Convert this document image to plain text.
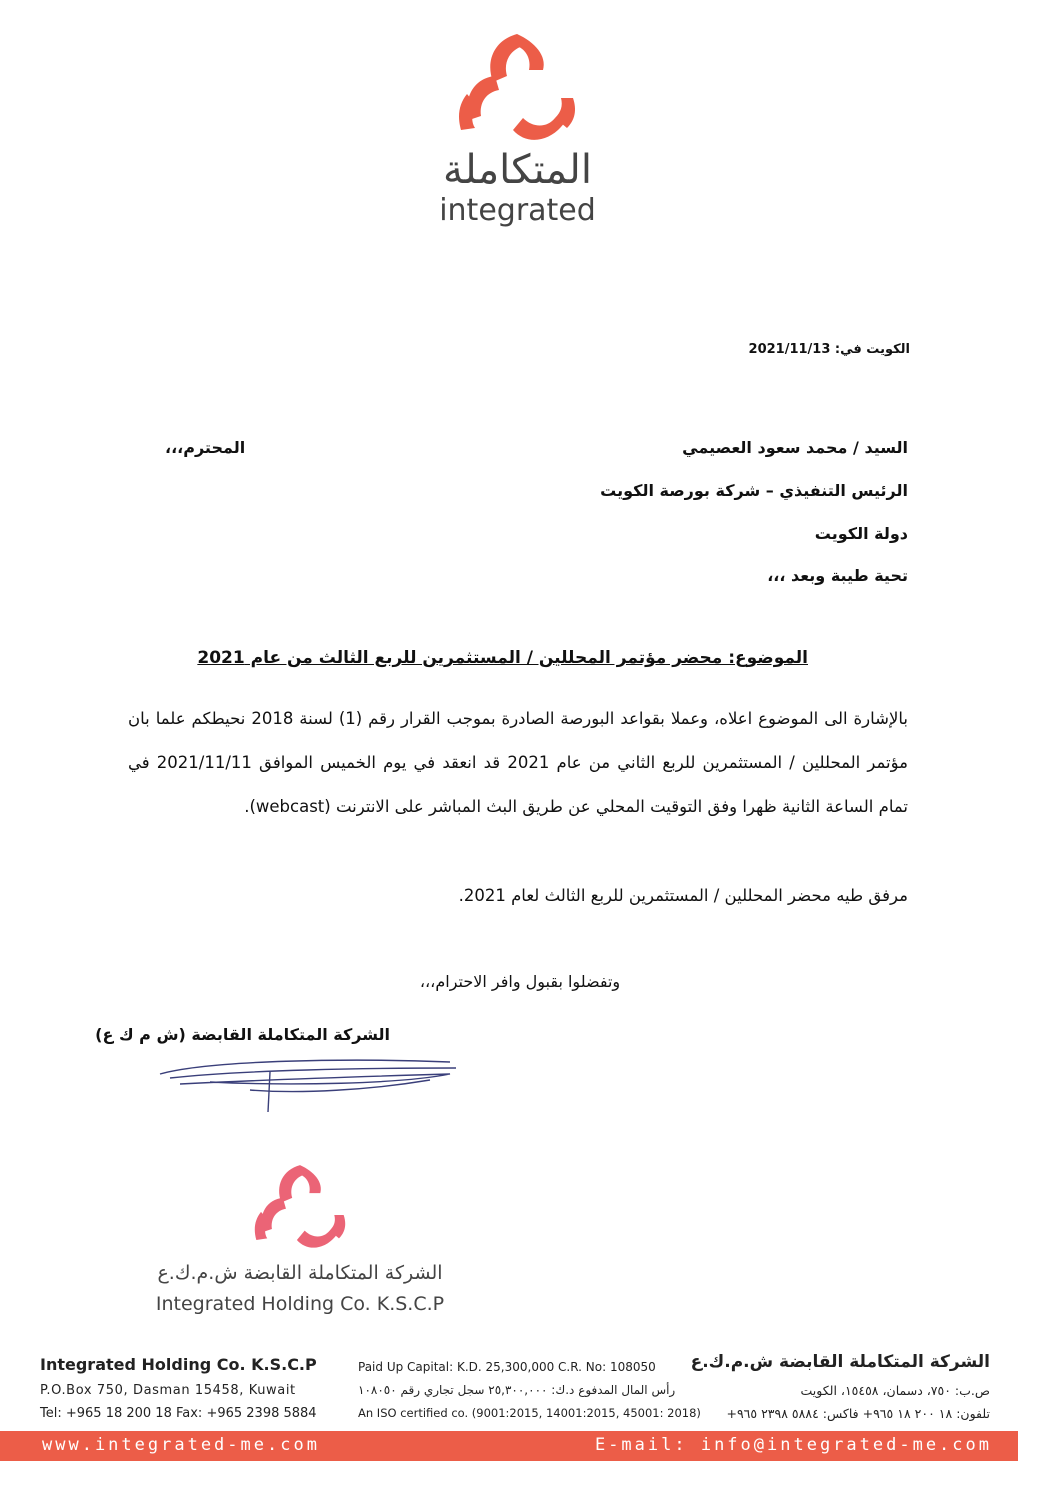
المتكاملة
integrated
الكويت في: 2021/11/13
السيد / محمد سعود العصيمي
المحترم،،،
الرئيس التنفيذي – شركة بورصة الكويت
دولة الكويت
تحية طيبة وبعد ،،،
الموضوع: محضر مؤتمر المحللين / المستثمرين للربع الثالث من عام 2021
بالإشارة الى الموضوع اعلاه، وعملا بقواعد البورصة الصادرة بموجب القرار رقم (1) لسنة 2018 نحيطكم علما بان مؤتمر المحللين / المستثمرين للربع الثاني من عام 2021 قد انعقد في يوم الخميس الموافق 2021/11/11 في تمام الساعة الثانية ظهرا وفق التوقيت المحلي عن طريق البث المباشر على الانترنت (webcast).
مرفق طيه محضر المحللين / المستثمرين للربع الثالث لعام 2021.
وتفضلوا بقبول وافر الاحترام،،،
الشركة المتكاملة القابضة (ش م ك ع)
الشركة المتكاملة القابضة ش.م.ك.ع
Integrated Holding Co. K.S.C.P
Integrated Holding Co. K.S.C.P
P.O.Box 750, Dasman 15458, Kuwait
Tel: +965 18 200 18 Fax: +965 2398 5884
Paid Up Capital: K.D. 25,300,000 C.R. No: 108050
رأس المال المدفوع د.ك: ٢٥,٣٠٠,٠٠٠ سجل تجاري رقم ١٠٨٠٥٠
An ISO certified co. (9001:2015, 14001:2015, 45001: 2018)
الشركة المتكاملة القابضة ش.م.ك.ع
ص.ب: ٧٥٠، دسمان، ١٥٤٥٨، الكويت
تلفون: ١٨ ٢٠٠ ١٨ ٩٦٥+ فاكس: ٥٨٨٤ ٢٣٩٨ ٩٦٥+
www.integrated-me.com	E-mail: info@integrated-me.com
